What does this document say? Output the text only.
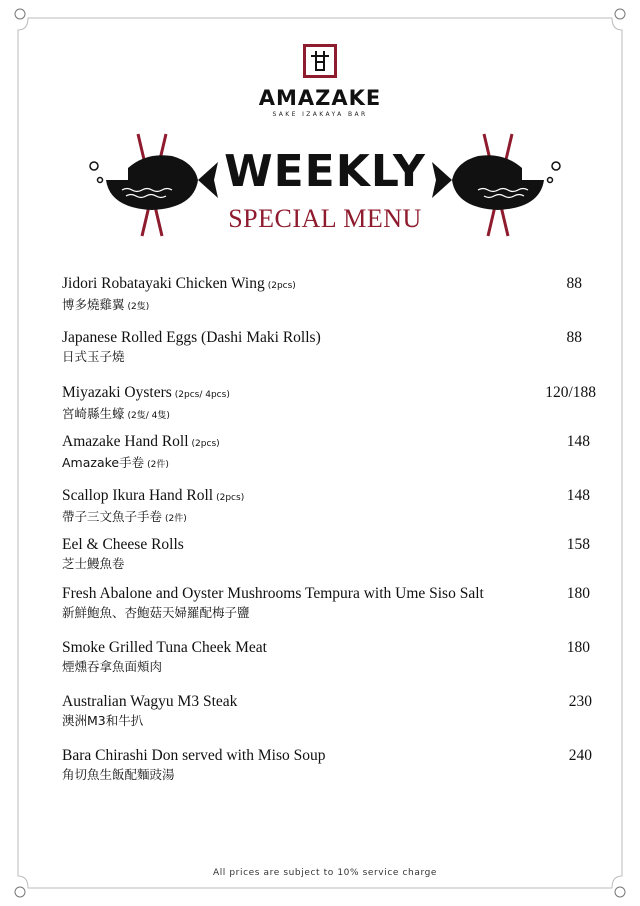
AMAZAKE
SAKE IZAKAYA BAR
WEEKLY
SPECIAL MENU
Jidori Robatayaki Chicken Wing (2pcs)
博多燒雞翼 (2隻)
88
Japanese Rolled Eggs (Dashi Maki Rolls)
日式玉子燒
88
Miyazaki Oysters (2pcs/ 4pcs)
宮崎縣生蠔 (2隻/ 4隻)
120/188
Amazake Hand Roll (2pcs)
Amazake手卷 (2件)
148
Scallop Ikura Hand Roll (2pcs)
帶子三文魚子手卷 (2件)
148
Eel & Cheese Rolls
芝士鰻魚卷
158
Fresh Abalone and Oyster Mushrooms Tempura with Ume Siso Salt
新鮮鮑魚、杏鮑菇天婦羅配梅子鹽
180
Smoke Grilled Tuna Cheek Meat
煙燻吞拿魚面頰肉
180
Australian Wagyu M3 Steak
澳洲M3和牛扒
230
Bara Chirashi Don served with Miso Soup
角切魚生飯配麵豉湯
240
All prices are subject to 10% service charge
